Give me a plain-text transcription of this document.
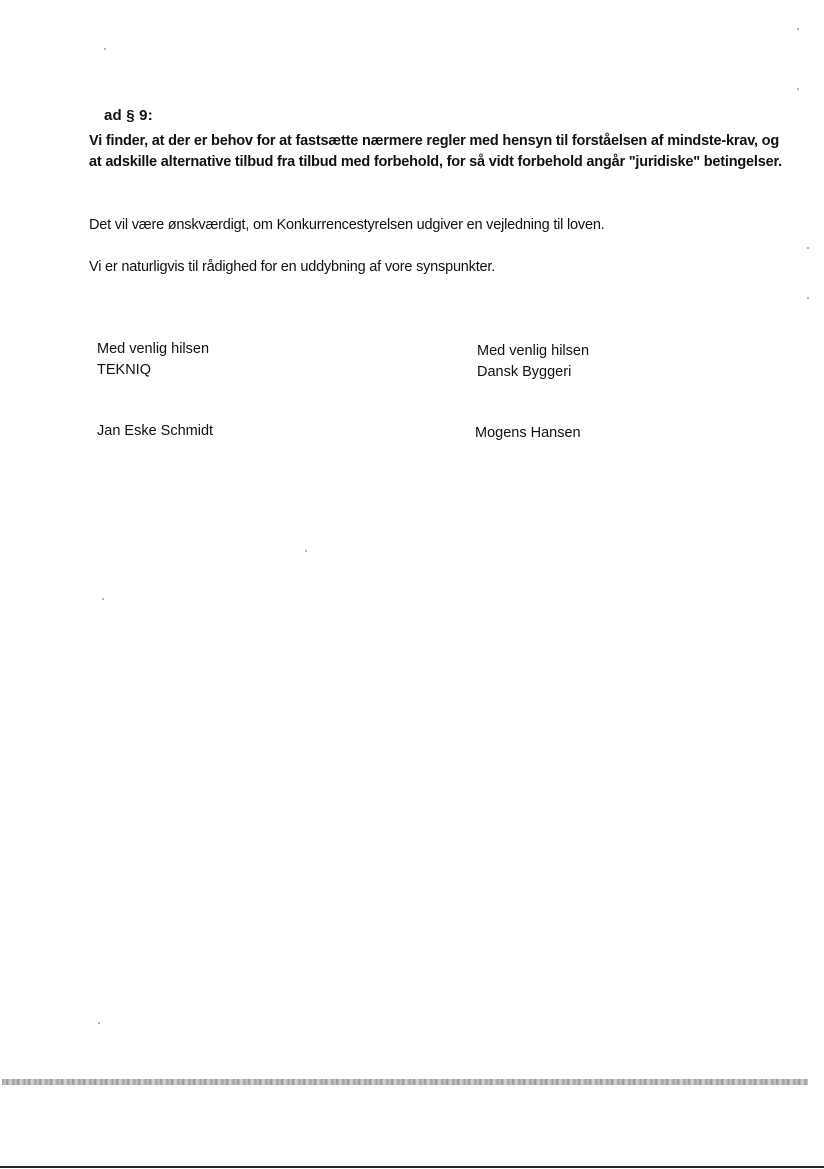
ad § 9:

Vi finder, at der er behov for at fastsætte nærmere regler med hensyn til forståelsen af mindste-krav, og at adskille alternative tilbud fra tilbud med forbehold, for så vidt forbehold angår "juridiske" betingelser.

Det vil være ønskværdigt, om Konkurrencestyrelsen udgiver en vejledning til loven.

Vi er naturligvis til rådighed for en uddybning af vore synspunkter.

Med venlig hilsen
TEKNIQ
Med venlig hilsen
Dansk Byggeri
Jan Eske Schmidt	Mogens Hansen
